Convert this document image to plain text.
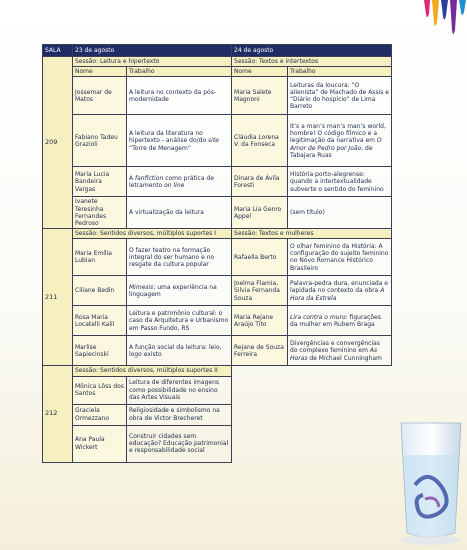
SALA	23 de agosto		24 de agosto	
209	Sessão: Leitura e hipertexto		Sessão: Textos e intertextos	
	Nome	Trabalho	Nome	Trabalho
	Jossemar de Matos	A leitura no contexto da pós-modernidade	Maria Salete Magnoni	Leituras da loucura: “O alienista” de Machado de Assis e “Diário do hospício” de Lima Barreto
	Fabiano Tadeu Grazioli	A leitura da literatura no hipertexto - análise do/do site “Torre de Menagem”	Cláudia Lorena V. da Fonseca	It’s a man’s man’s man’s world, hombre! O código fílmico e a legitimação da narrativa em O Amor de Pedro por João, de Tabajara Ruas
	Maria Lucia Bandeira Vargas	A fanfiction como prática de letramento on line	Dinara de Ávila Foresti	História porto-alegrense: quando a intertextualidade subverte o sentido do feminino
	Ivanete Teresinha Fernandes Pedroso	A virtualização da leitura	Maria Lia Genro Appel	(sem título)
211	Sessão: Sentidos diversos, múltiplos suportes I		Sessão: Textos e mulheres	
	Maria Emília Lubian	O fazer teatro na formação integral do ser humano e no resgate da cultura popular	Rafaella Berto	O olhar feminino da História: A configuração do sujeito feminino no Novo Romance Histórico Brasileiro
	Ciliane Bedin	Mimesis: uma experiência na linguagem	Joelma Flamia, Silvia Fernanda Souza	Palavra-pedra dura, enunciada e lapidada no contexto da obra A Hora da Estrela
	Rosa Maria Locatelli Kalil	Leitura e patrimônio cultural: o caso da Arquitetura e Urbanismo em Passo Fundo, RS	Maria Rejane Araújo Tito	Lira contra o muro: figurações da mulher em Rubem Braga
	Marlise Sapiecinski	A função social da leitura: leio, logo existo	Rejane de Souza Ferreira	Divergências e convergências do complexo feminino em As Horas de Michael Cunningham
212	Sessão: Sentidos diversos, múltiplos suportes II			
	Mônica Lôss dos Santos	Leitura de diferentes imagens como possibilidade no ensino das Artes Visuais		
	Graciela Ormezzano	Religiosidade e simbolismo na obra de Victor Brecheret		
	Ana Paula Wickert	Construir cidades sem educação? Educação patrimonial e responsabilidade social		
